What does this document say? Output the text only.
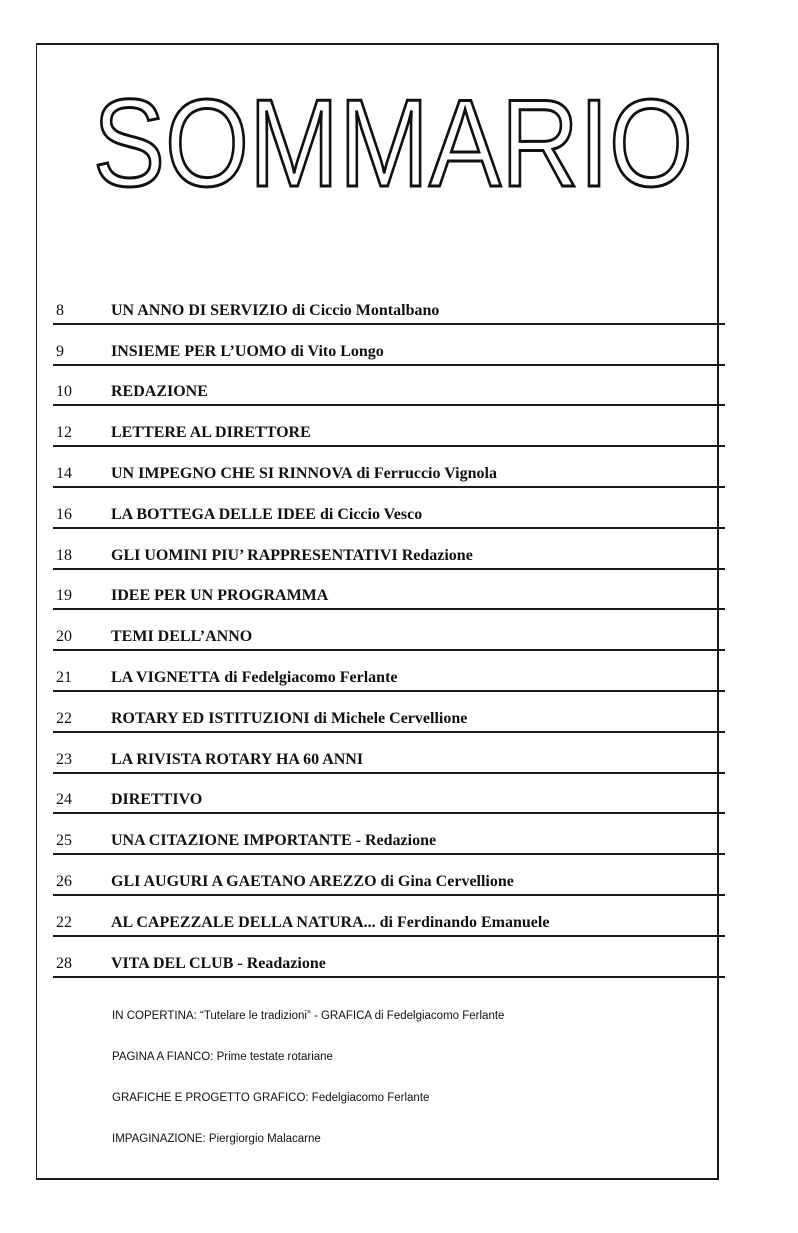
SOMMARIO
8	UN ANNO DI SERVIZIO di Ciccio Montalbano
9	INSIEME PER L’UOMO di Vito Longo
10 REDAZIONE
12 LETTERE AL DIRETTORE
14 UN IMPEGNO CHE SI RINNOVA di Ferruccio Vignola
16 LA BOTTEGA DELLE IDEE di Ciccio Vesco
18 GLI UOMINI PIU’ RAPPRESENTATIVI Redazione
19 IDEE PER UN PROGRAMMA
20 TEMI DELL’ANNO
21 LA VIGNETTA di Fedelgiacomo Ferlante
22 ROTARY ED ISTITUZIONI di Michele Cervellione
23 LA RIVISTA ROTARY HA 60 ANNI
24 DIRETTIVO
25 UNA CITAZIONE IMPORTANTE - Redazione
26 GLI AUGURI A GAETANO AREZZO di Gina Cervellione
22 AL CAPEZZALE DELLA NATURA... di Ferdinando Emanuele
28 VITA DEL CLUB - Readazione
IN COPERTINA: “Tutelare le tradizioni” - GRAFICA di Fedelgiacomo Ferlante
PAGINA A FIANCO: Prime testate rotariane
GRAFICHE E PROGETTO GRAFICO: Fedelgiacomo Ferlante
IMPAGINAZIONE: Piergiorgio Malacarne
